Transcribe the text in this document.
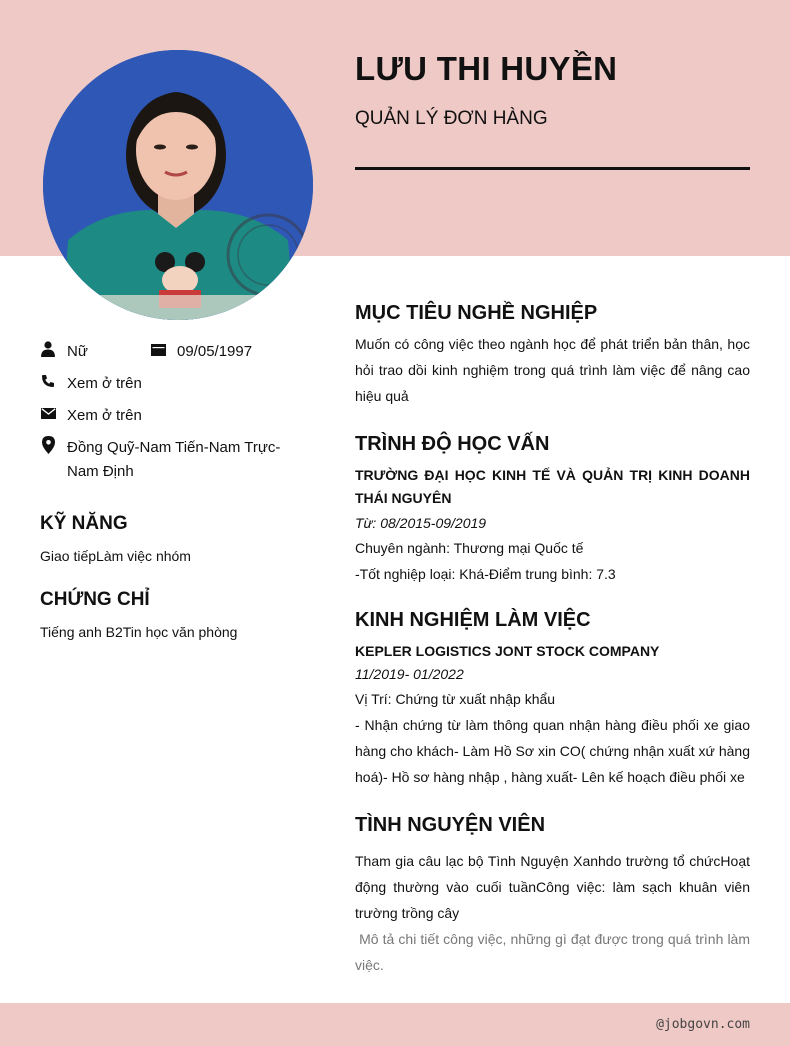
LƯU THI HUYỀN
QUẢN LÝ ĐƠN HÀNG
Nữ	09/05/1997
Xem ở trên
Xem ở trên
Đồng Quỹ-Nam Tiến-Nam Trực-Nam Định
KỸ NĂNG
Giao tiếpLàm việc nhóm
CHỨNG CHỈ
Tiếng anh B2Tin học văn phòng
MỤC TIÊU NGHỀ NGHIỆP

Muốn có công việc theo ngành học để phát triển bản thân, học hỏi trao dồi kinh nghiệm trong quá trình làm việc để nâng cao hiệu quả

TRÌNH ĐỘ HỌC VẤN
TRƯỜNG ĐẠI HỌC KINH TẾ VÀ QUẢN TRỊ KINH DOANH THÁI NGUYÊN
Từ: 08/2015-09/2019
Chuyên ngành: Thương mại Quốc tế
-Tốt nghiệp loại: Khá-Điểm trung bình: 7.3
KINH NGHIỆM LÀM VIỆC
KEPLER LOGISTICS JONT STOCK COMPANY
11/2019- 01/2022
Vị Trí: Chứng từ xuất nhập khẩu

- Nhận chứng từ làm thông quan nhận hàng điều phối xe giao hàng cho khách- Làm Hồ Sơ xin CO( chứng nhận xuất xứ hàng hoá)- Hồ sơ hàng nhập , hàng xuất- Lên kế hoạch điều phối xe

TÌNH NGUYỆN VIÊN

Tham gia câu lạc bộ Tình Nguyện Xanhdo trường tổ chứcHoạt động thường vào cuối tuầnCông việc: làm sạch khuân viên trường trồng cây

Mô tả chi tiết công việc, những gì đạt được trong quá trình làm việc.

@jobgovn.com
